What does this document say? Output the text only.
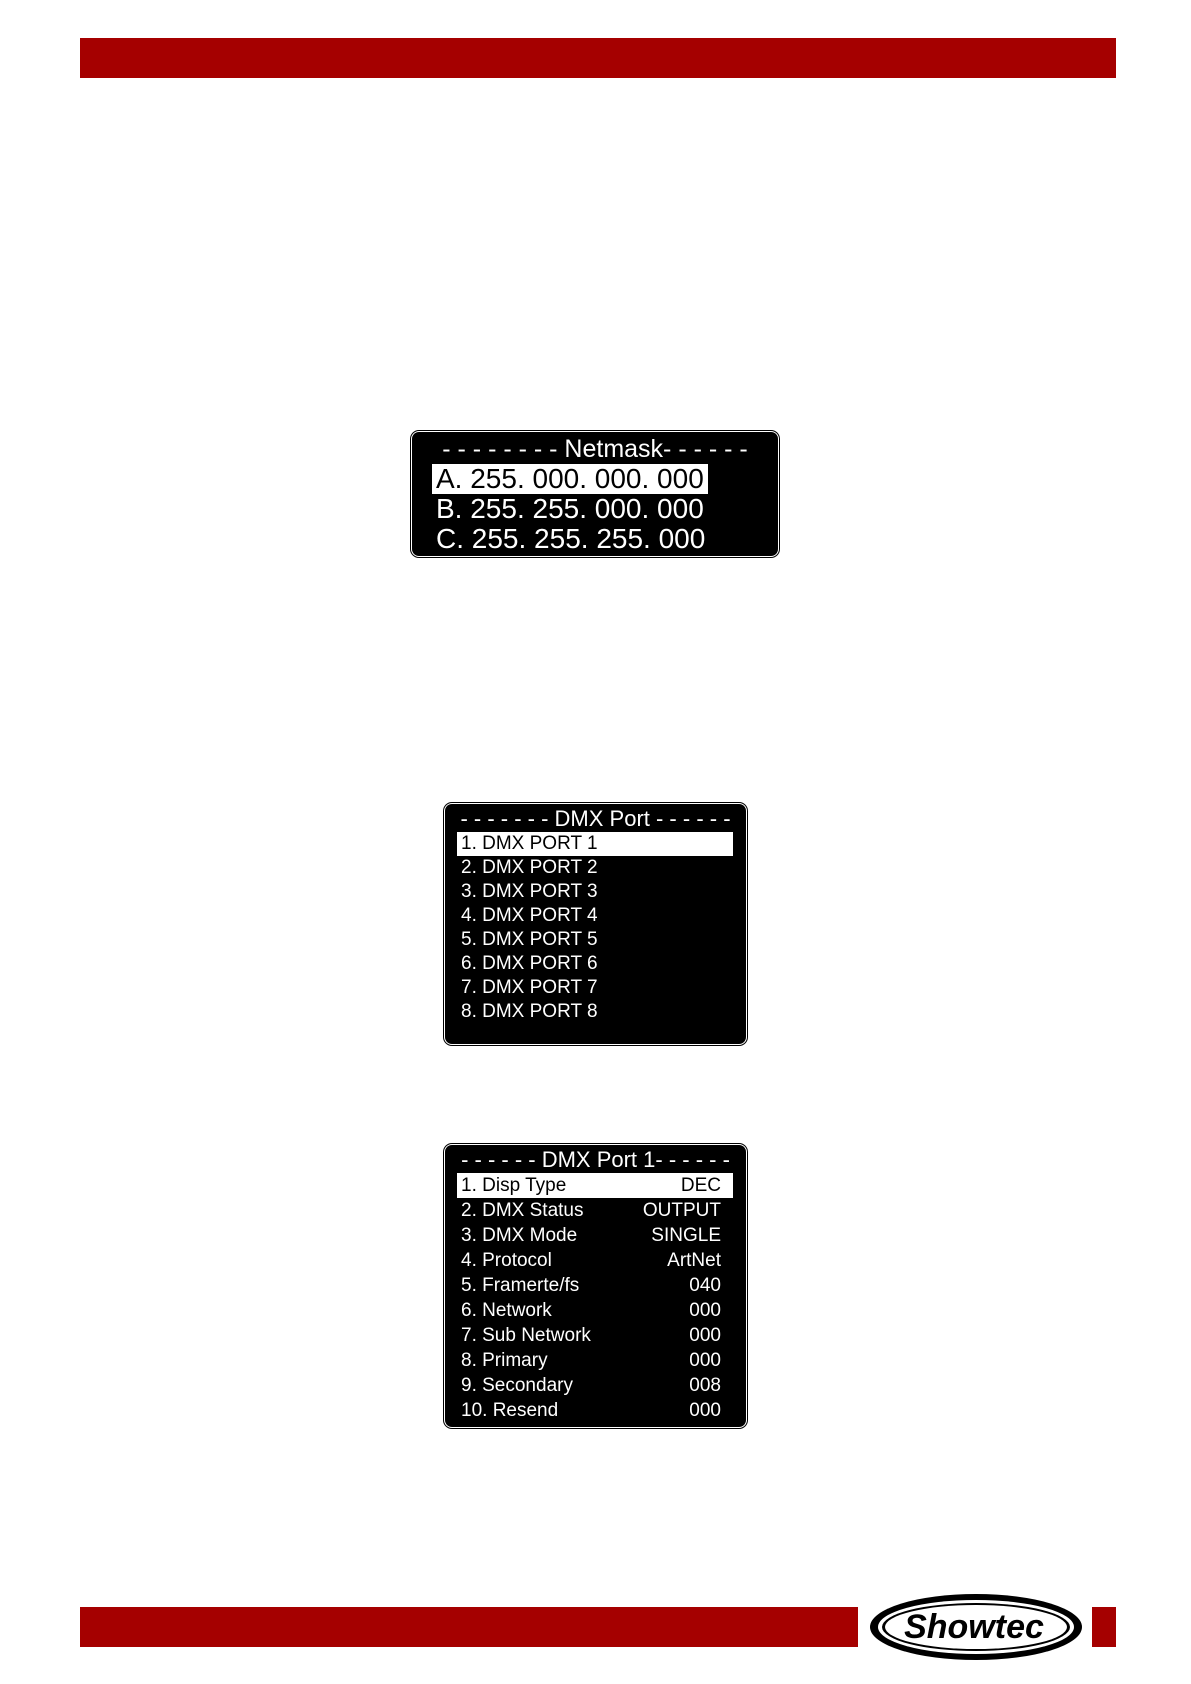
- - - - - - - - Netmask- - - - - -
A. 255. 000. 000. 000
B. 255. 255. 000. 000
C. 255. 255. 255. 000
- - - - - - - DMX Port - - - - - -
1. DMX PORT 1
2. DMX PORT 2
3. DMX PORT 3
4. DMX PORT 4
5. DMX PORT 5
6. DMX PORT 6
7. DMX PORT 7
8. DMX PORT 8
- - - - - - DMX Port 1- - - - - -
1. Disp Type	DEC
2. DMX Status	OUTPUT
3. DMX Mode	SINGLE
4. Protocol	ArtNet
5. Framerte/fs	040
6. Network	000
7. Sub Network	000
8. Primary	000
9. Secondary	008
10. Resend	000
Showtec
